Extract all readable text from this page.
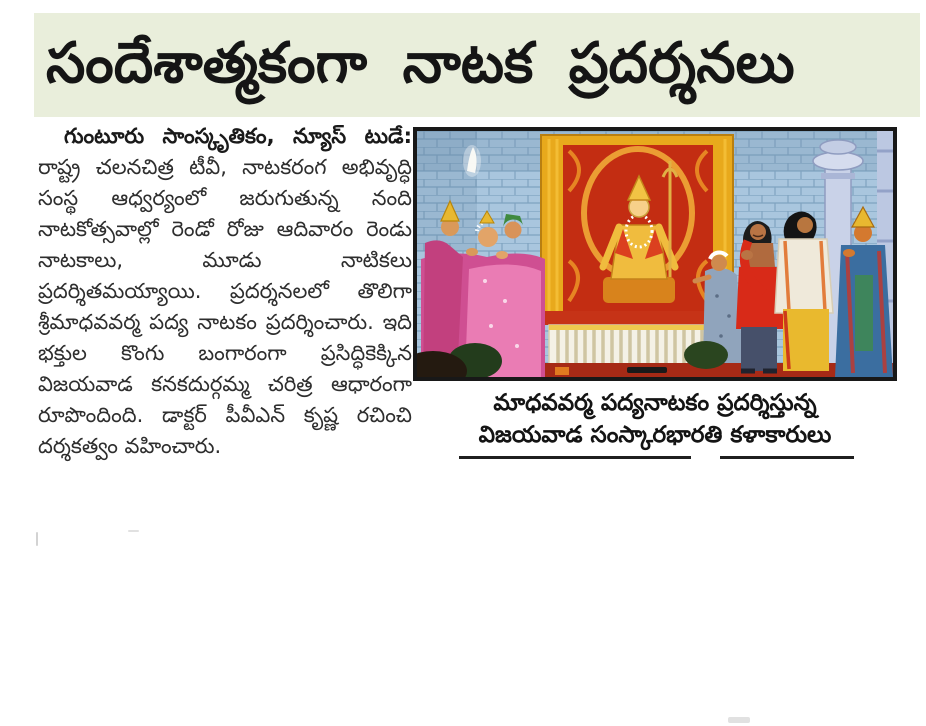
సందేశాత్మకంగా నాటక ప్రదర్శనలు

గుంటూరు సాంస్కృతికం, న్యూస్ టుడే: రాష్ట్ర చలనచిత్ర టీవీ, నాటకరంగ అభివృద్ధి సంస్థ ఆధ్వర్యంలో జరుగుతున్న నంది నాటకోత్సవాల్లో రెండో రోజు ఆదివారం రెండు నాటకాలు, మూడు నాటికలు ప్రదర్శితమయ్యాయి. ప్రదర్శనలలో తొలిగా శ్రీమాధవవర్మ పద్య నాటకం ప్రదర్శించారు. ఇది భక్తుల కొంగు బంగారంగా ప్రసిద్ధికెక్కిన విజయవాడ కనకదుర్గమ్మ చరిత్ర ఆధారంగా రూపొందింది. డాక్టర్ పీవీఎన్ కృష్ణ రచించి దర్శకత్వం వహించారు.

మాధవవర్మ పద్యనాటకం ప్రదర్శిస్తున్న
విజయవాడ సంస్కారభారతి కళాకారులు
